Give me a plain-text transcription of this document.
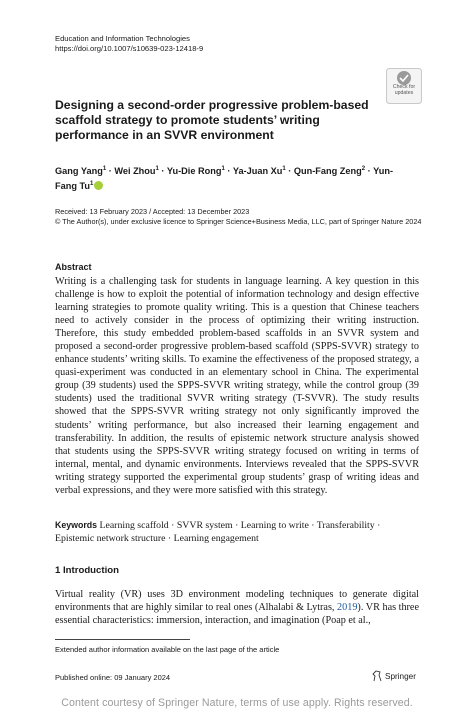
Education and Information Technologies
https://doi.org/10.1007/s10639-023-12418-9
Check for
updates
Designing a second-order progressive problem-based scaffold strategy to promote students’ writing performance in an SVVR environment
Gang Yang$^1$ · Wei Zhou$^1$ · Yu-Die Rong$^1$ · Ya-Juan $Xu^1$ · Qun-Fang Zeng$^2$ · Yun-Fang Tu$^1$
Received: 13 February 2023 / Accepted: 13 December 2023
© The Author(s), under exclusive licence to Springer Science+Business Media, LLC, part of Springer Nature 2024
Abstract

Writing is a challenging task for students in language learning. A key question in this challenge is how to exploit the potential of information technology and design effective learning strategies to promote quality writing. This is a question that Chinese teachers need to actively consider in the process of optimizing their writing instruction. Therefore, this study embedded problem-based scaffolds in an SVVR system and proposed a second-order progressive problem-based scaffold (SPPS-SVVR) strategy to enhance students’ writing skills. To examine the effectiveness of the proposed strategy, a quasi-experiment was conducted in an elementary school in China. The experimental group (39 students) used the SPPS-SVVR writing strategy, while the control group (39 students) used the traditional SVVR writing strategy (T-SVVR). The study results showed that the SPPS-SVVR writing strategy not only significantly improved the students’ writing performance, but also increased their learning engagement and transferability. In addition, the results of epistemic network structure analysis showed that students using the SPPS-SVVR writing strategy focused on writing in terms of internal, mental, and dynamic environments. Interviews revealed that the SPPS-SVVR writing strategy supported the experimental group students’ grasp of writing ideas and verbal expressions, and they were more satisfied with this strategy.

Keywords Learning scaffold · SVVR system · Learning to write · Transferability · Epistemic network structure · Learning engagement
1 Introduction

Virtual reality (VR) uses 3D environment modeling techniques to generate digital environments that are highly similar to real ones (Alhalabi & Lytras, 2019). VR has three essential characteristics: immersion, interaction, and imagination (Poap et al.,

Extended author information available on the last page of the article
Published online: 09 January 2024	Springer
Content courtesy of Springer Nature, terms of use apply. Rights reserved.
